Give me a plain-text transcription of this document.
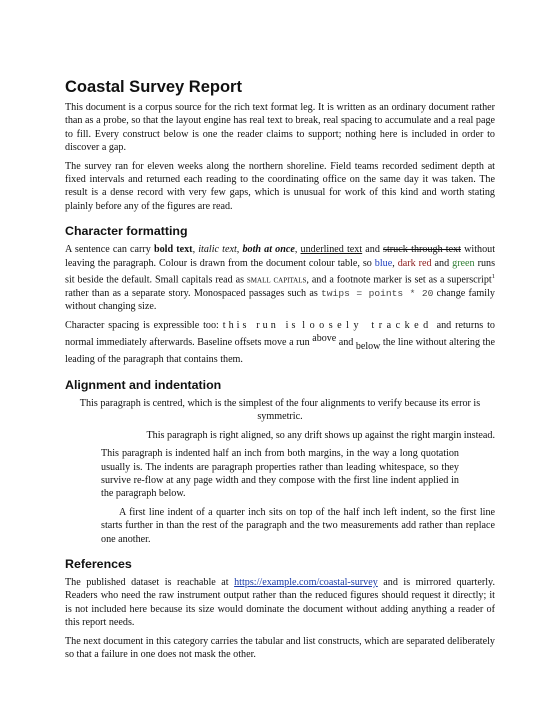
Coastal Survey Report

This document is a corpus source for the rich text format leg. It is written as an ordinary document rather than as a probe, so that the layout engine has real text to break, real spacing to accumulate and a real page to fill. Every construct below is one the reader claims to support; nothing here is included in order to discover a gap.

The survey ran for eleven weeks along the northern shoreline. Field teams recorded sediment depth at fixed intervals and returned each reading to the coordinating office on the same day it was taken. The result is a dense record with very few gaps, which is unusual for work of this kind and worth stating plainly before any of the figures are read.

Character formatting

A sentence can carry bold text, italic text, both at once, underlined text and struck-through text without leaving the paragraph. Colour is drawn from the document colour table, so blue, dark red and green runs sit beside the default. Small capitals read as small capitals, and a footnote marker is set as a superscript$^1$ rather than as a separate story. Monospaced passages such as twips = points * 20 change family without changing size.

Character spacing is expressible too: this run is loosely tracked and returns to normal immediately afterwards. Baseline offsets move a run above and below the line without altering the leading of the paragraph that contains them.

Alignment and indentation

This paragraph is centred, which is the simplest of the four alignments to verify because its error is symmetric.

This paragraph is right aligned, so any drift shows up against the right margin instead.

This paragraph is indented half an inch from both margins, in the way a long quotation usually is. The indents are paragraph properties rather than leading whitespace, so they survive re-flow at any page width and they compose with the first line indent applied in the paragraph below.

A first line indent of a quarter inch sits on top of the half inch left indent, so the first line starts further in than the rest of the paragraph and the two measurements add rather than replace one another.

References

The published dataset is reachable at https://example.com/coastal-survey and is mirrored quarterly. Readers who need the raw instrument output rather than the reduced figures should request it directly; it is not included here because its size would dominate the document without adding anything a reader of this report needs.

The next document in this category carries the tabular and list constructs, which are separated deliberately so that a failure in one does not mask the other.
